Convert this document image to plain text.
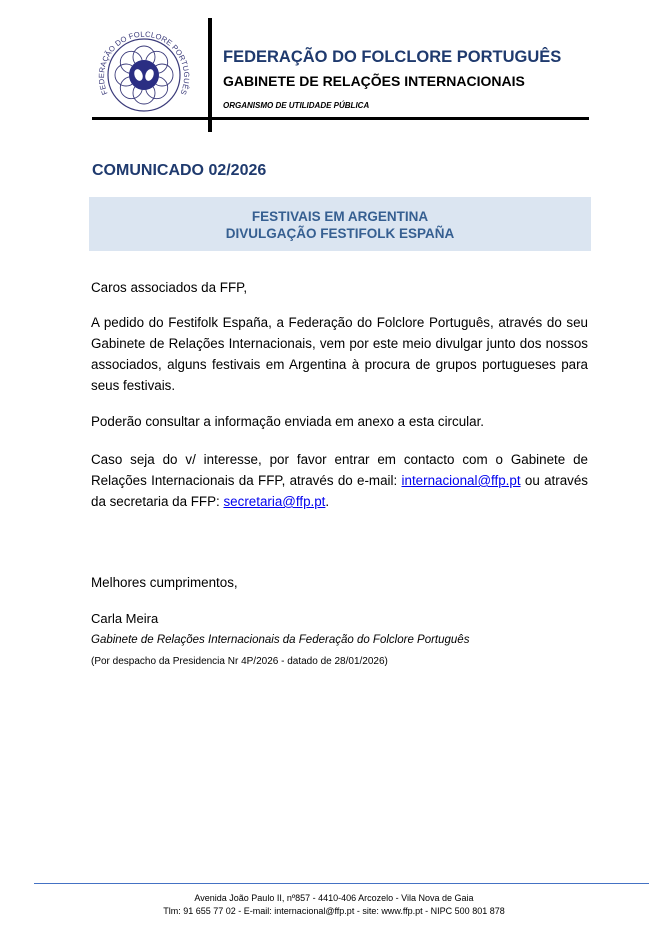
FEDERAÇÃO DO FOLCLORE PORTUGUÊS
FEDERAÇÃO DO FOLCLORE PORTUGUÊS
GABINETE DE RELAÇÕES INTERNACIONAIS
ORGANISMO DE UTILIDADE PÚBLICA
COMUNICADO 02/2026
FESTIVAIS EM ARGENTINA
DIVULGAÇÃO FESTIFOLK ESPAÑA
Caros associados da FFP,
A pedido do Festifolk España, a Federação do Folclore Português, através do seu Gabinete de Relações Internacionais, vem por este meio divulgar junto dos nossos associados, alguns festivais em Argentina à procura de grupos portugueses para seus festivais.
Poderão consultar a informação enviada em anexo a esta circular.
Caso seja do v/ interesse, por favor entrar em contacto com o Gabinete de Relações Internacionais da FFP, através do e-mail: internacional@ffp.pt ou através da secretaria da FFP: secretaria@ffp.pt.
Melhores cumprimentos,
Carla Meira
Gabinete de Relações Internacionais da Federação do Folclore Português
(Por despacho da Presidencia Nr 4P/2026 - datado de 28/01/2026)
Avenida João Paulo II, nº857 - 4410-406 Arcozelo - Vila Nova de Gaia
Tlm: 91 655 77 02 - E-mail: internacional@ffp.pt - site: www.ffp.pt - NIPC 500 801 878
